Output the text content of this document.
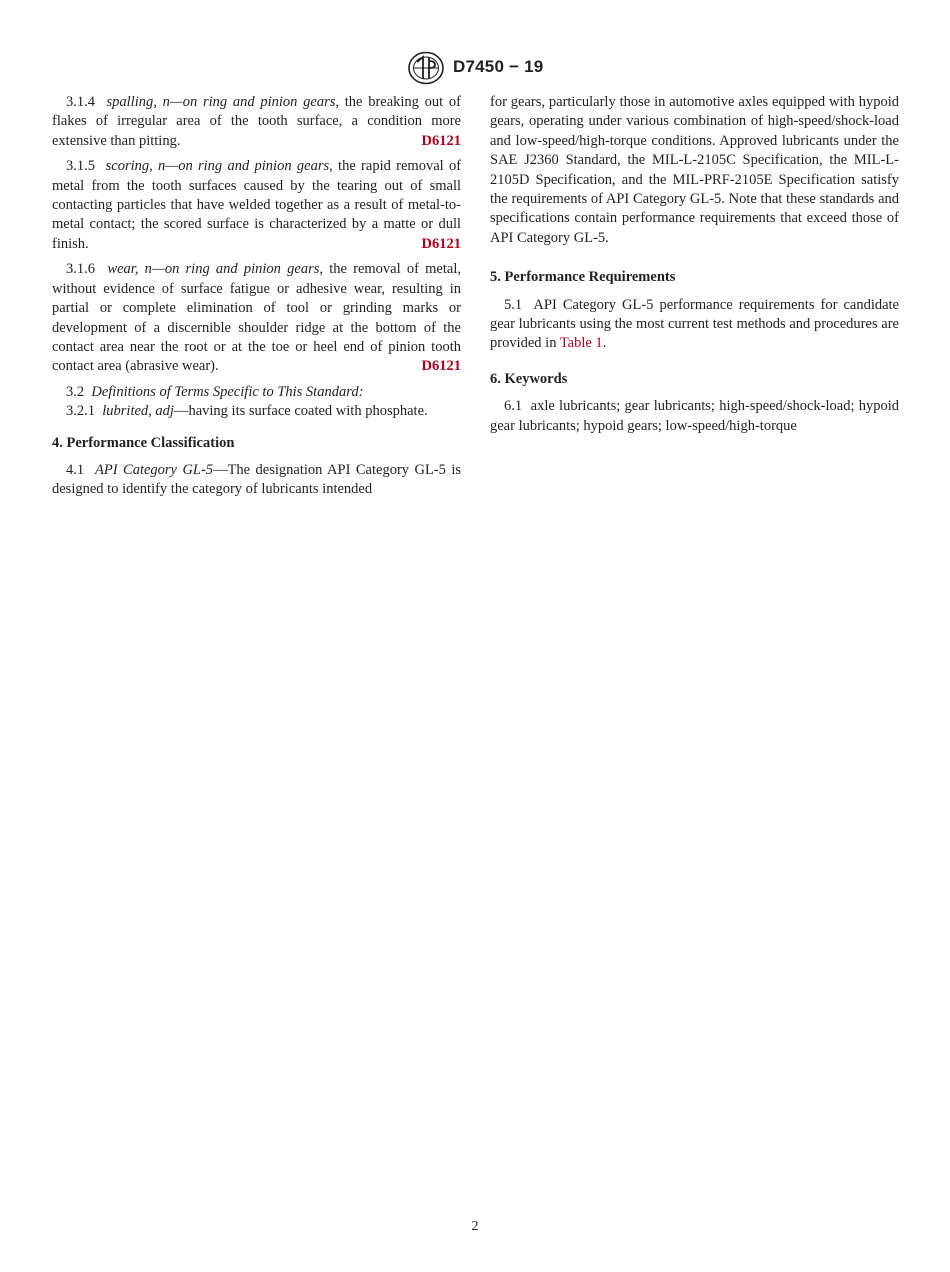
D7450 − 19

3.1.4  spalling, n—on ring and pinion gears, the breaking out of flakes of irregular area of the tooth surface, a condition more extensive than pitting.	D6121

3.1.5  scoring, n—on ring and pinion gears, the rapid removal of metal from the tooth surfaces caused by the tearing out of small contacting particles that have welded together as a result of metal-to-metal contact; the scored surface is characterized by a matte or dull finish.	D6121

3.1.6  wear, n—on ring and pinion gears, the removal of metal, without evidence of surface fatigue or adhesive wear, resulting in partial or complete elimination of tool or grinding marks or development of a discernible shoulder ridge at the bottom of the contact area near the root or at the toe or heel end of pinion tooth contact area (abrasive wear).	D6121

3.2  Definitions of Terms Specific to This Standard:

3.2.1  lubrited, adj—having its surface coated with phosphate.

4. Performance Classification

4.1  API Category GL-5—The designation API Category GL-5 is designed to identify the category of lubricants intended

for gears, particularly those in automotive axles equipped with hypoid gears, operating under various combination of high-speed/shock-load and low-speed/high-torque conditions. Approved lubricants under the SAE J2360 Standard, the MIL-L-2105C Specification, the MIL-L-2105D Specification, and the MIL-PRF-2105E Specification satisfy the requirements of API Category GL-5. Note that these standards and specifications contain performance requirements that exceed those of API Category GL-5.

5. Performance Requirements

5.1  API Category GL-5 performance requirements for candidate gear lubricants using the most current test methods and procedures are provided in Table 1.

6. Keywords

6.1  axle lubricants; gear lubricants; high-speed/shock-load; hypoid gear lubricants; hypoid gears; low-speed/high-torque

2
